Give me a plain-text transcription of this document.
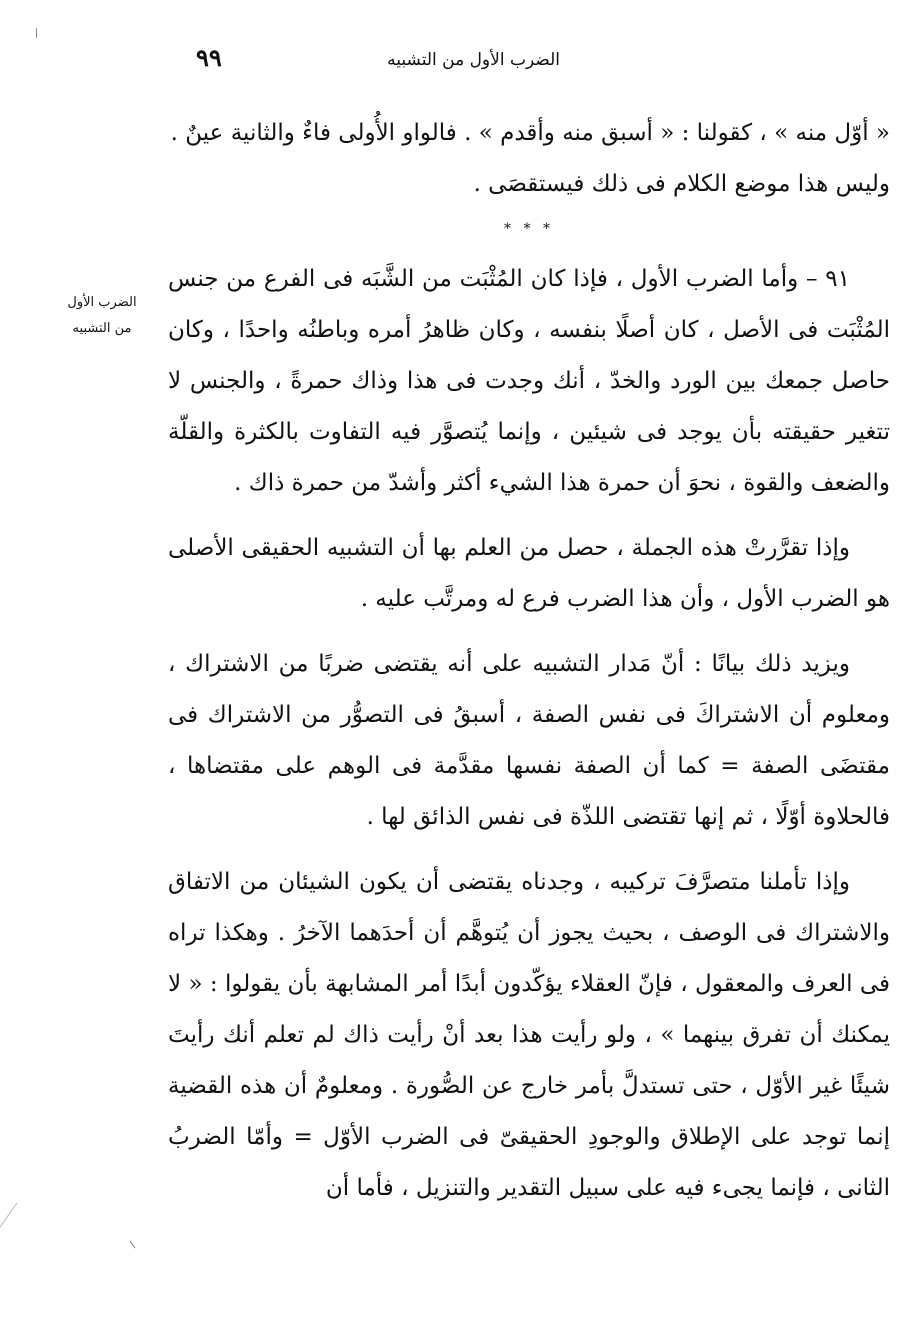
الضرب الأول من التشبيه
٩٩
الضرب الأول
من التشبيه

« أوّل منه » ، كقولنا : « أسبق منه وأقدم » . فالواو الأُولى فاءٌ والثانية عينٌ .
وليس هذا موضع الكلام فى ذلك فيستقصَى .

* * *

٩١ – وأما الضرب الأول ، فإذا كان المُثْبَت من الشَّبَه فى الفرع من جنس المُثْبَت فى الأصل ، كان أصلًا بنفسه ، وكان ظاهرُ أمره وباطنُه واحدًا ، وكان حاصل جمعك بين الورد والخدّ ، أنك وجدت فى هذا وذاك حمرةً ، والجنس لا تتغير حقيقته بأن يوجد فى شيئين ، وإنما يُتصوَّر فيه التفاوت بالكثرة والقلّة والضعف والقوة ، نحوَ أن حمرة هذا الشيء أكثر وأشدّ من حمرة ذاك .

وإذا تقرَّرتْ هذه الجملة ، حصل من العلم بها أن التشبيه الحقيقى الأصلى هو الضرب الأول ، وأن هذا الضرب فرع له ومرتَّب عليه .

ويزيد ذلك بيانًا : أنّ مَدار التشبيه على أنه يقتضى ضربًا من الاشتراك ، ومعلوم أن الاشتراكَ فى نفس الصفة ، أسبقُ فى التصوُّر من الاشتراك فى مقتضَى الصفة = كما أن الصفة نفسها مقدَّمة فى الوهم على مقتضاها ، فالحلاوة أوّلًا ، ثم إنها تقتضى اللذّة فى نفس الذائق لها .

وإذا تأملنا متصرَّفَ تركيبه ، وجدناه يقتضى أن يكون الشيئان من الاتفاق والاشتراك فى الوصف ، بحيث يجوز أن يُتوهَّم أن أحدَهما الآخرُ . وهكذا تراه فى العرف والمعقول ، فإنّ العقلاء يؤكّدون أبدًا أمر المشابهة بأن يقولوا : « لا يمكنك أن تفرق بينهما » ، ولو رأيت هذا بعد أنْ رأيت ذاك لم تعلم أنك رأيتَ شيئًا غير الأوّل ، حتى تستدلَّ بأمر خارج عن الصُّورة . ومعلومٌ أن هذه القضية إنما توجد على الإطلاق والوجودِ الحقيقىّ فى الضرب الأوّل = وأمّا الضربُ الثانى ، فإنما يجىء فيه على سبيل التقدير والتنزيل ، فأما أن
